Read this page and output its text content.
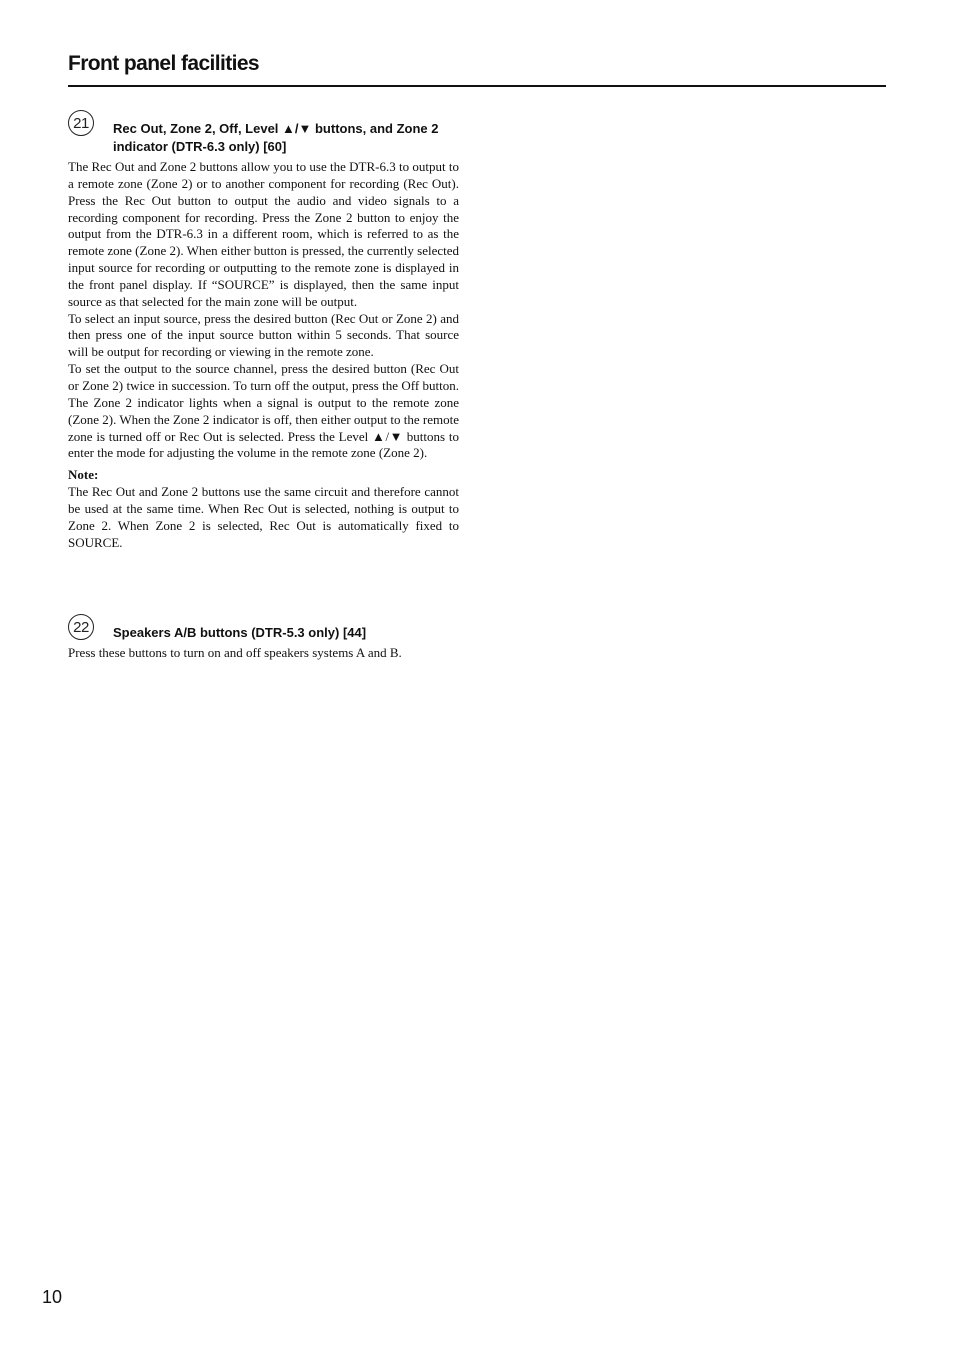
Front panel facilities
21	Rec Out, Zone 2, Off, Level ▲/▼ buttons, and Zone 2 indicator (DTR-6.3 only) [60]

The Rec Out and Zone 2 buttons allow you to use the DTR-6.3 to output to a remote zone (Zone 2) or to another component for recording (Rec Out). Press the Rec Out button to output the audio and video signals to a recording component for recording. Press the Zone 2 button to enjoy the output from the DTR-6.3 in a different room, which is referred to as the remote zone (Zone 2). When either button is pressed, the currently selected input source for recording or outputting to the remote zone is displayed in the front panel display. If “SOURCE” is displayed, then the same input source as that selected for the main zone will be output.

To select an input source, press the desired button (Rec Out or Zone 2) and then press one of the input source button within 5 seconds. That source will be output for recording or viewing in the remote zone.

To set the output to the source channel, press the desired button (Rec Out or Zone 2) twice in succession. To turn off the output, press the Off button. The Zone 2 indicator lights when a signal is output to the remote zone (Zone 2). When the Zone 2 indicator is off, then either output to the remote zone is turned off or Rec Out is selected. Press the Level ▲/▼ buttons to enter the mode for adjusting the volume in the remote zone (Zone 2).

Note:

The Rec Out and Zone 2 buttons use the same circuit and therefore cannot be used at the same time. When Rec Out is selected, nothing is output to Zone 2. When Zone 2 is selected, Rec Out is automatically fixed to SOURCE.

22	Speakers A/B buttons (DTR-5.3 only) [44]

Press these buttons to turn on and off speakers systems A and B.

10
